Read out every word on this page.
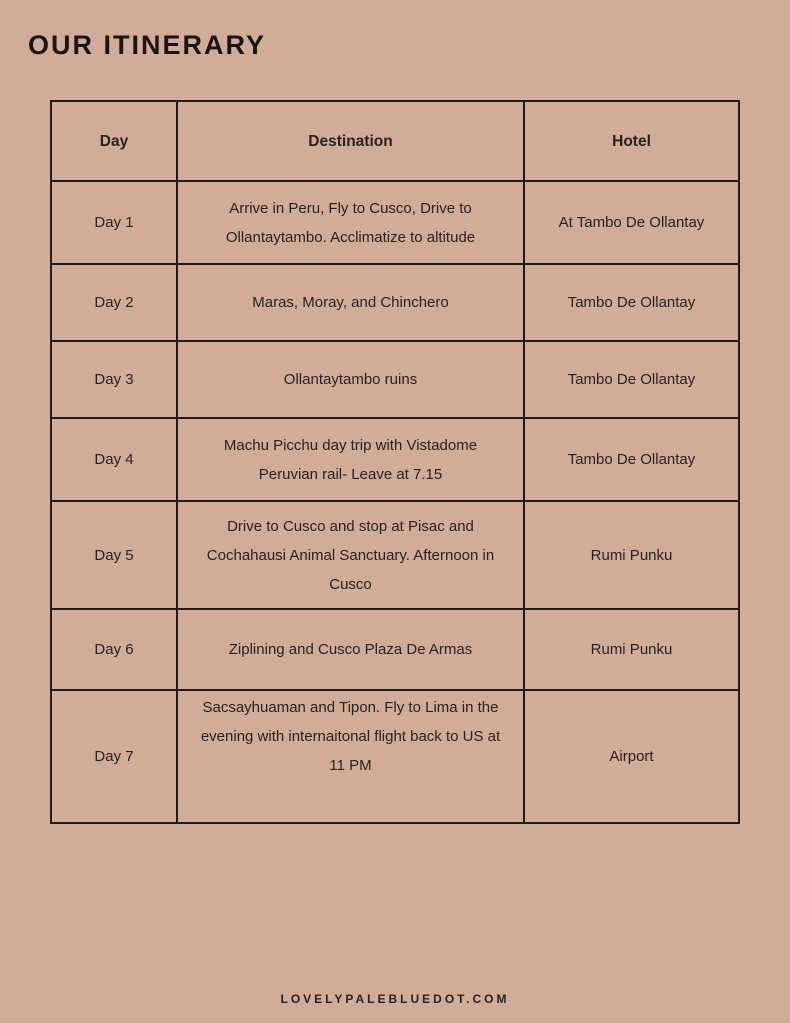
OUR ITINERARY
Day	Destination	Hotel
Day 1	Arrive in Peru, Fly to Cusco, Drive to Ollantaytambo. Acclimatize to altitude	At Tambo De Ollantay
Day 2	Maras, Moray, and Chinchero	Tambo De Ollantay
Day 3	Ollantaytambo ruins	Tambo De Ollantay
Day 4	Machu Picchu day trip with Vistadome Peruvian rail- Leave at 7.15	Tambo De Ollantay
Day 5	Drive to Cusco and stop at Pisac and Cochahausi Animal Sanctuary. Afternoon in Cusco	Rumi Punku
Day 6	Ziplining and Cusco Plaza De Armas	Rumi Punku
Day 7	Sacsayhuaman and Tipon. Fly to Lima in the evening with internaitonal flight back to US at 11 PM	Airport
LOVELYPALEBLUEDOT.COM
